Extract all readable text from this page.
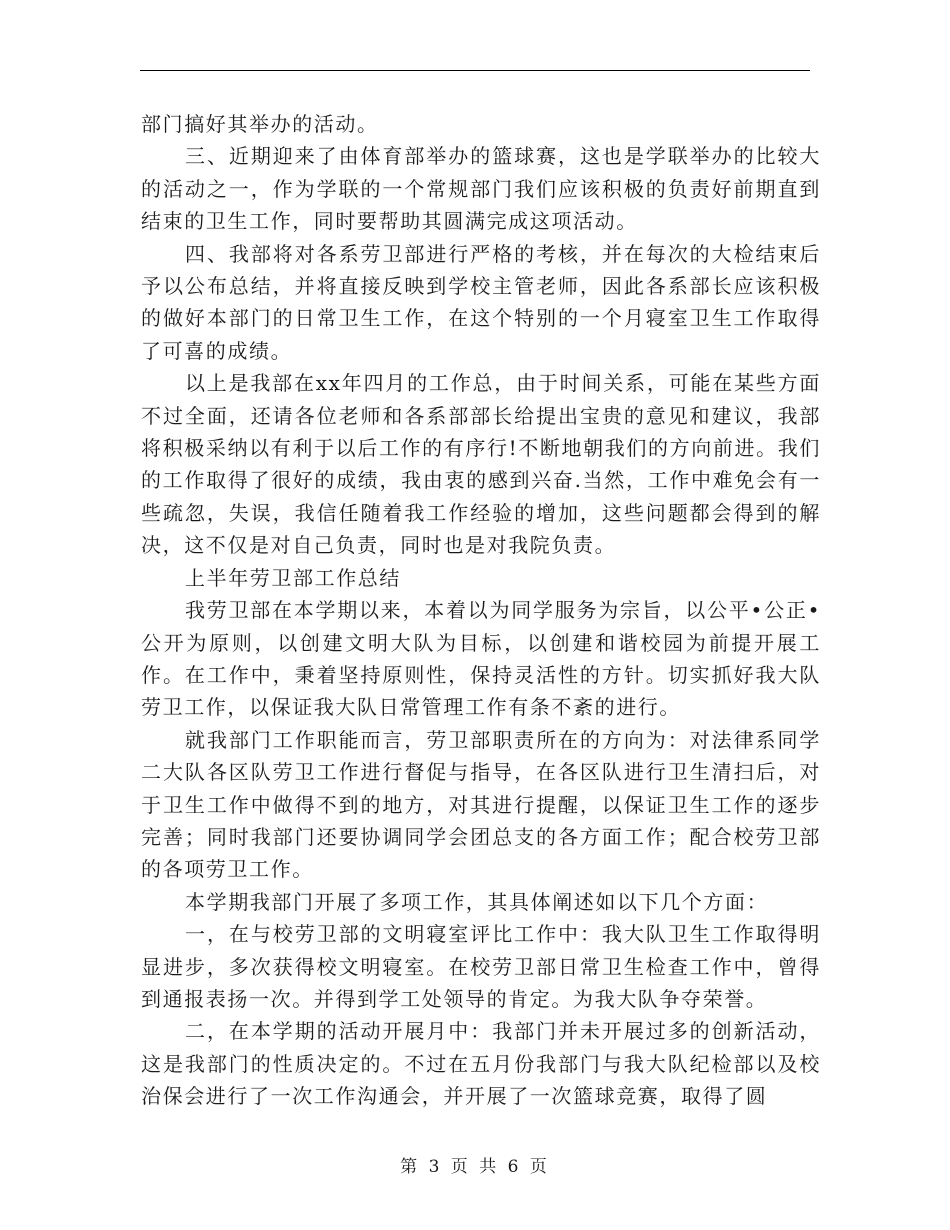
部门搞好其举办的活动。

三、近期迎来了由体育部举办的篮球赛，这也是学联举办的比较大的活动之一，作为学联的一个常规部门我们应该积极的负责好前期直到结束的卫生工作，同时要帮助其圆满完成这项活动。

四、我部将对各系劳卫部进行严格的考核，并在每次的大检结束后予以公布总结，并将直接反映到学校主管老师，因此各系部长应该积极的做好本部门的日常卫生工作，在这个特别的一个月寝室卫生工作取得了可喜的成绩。

以上是我部在xx年四月的工作总，由于时间关系，可能在某些方面不过全面，还请各位老师和各系部部长给提出宝贵的意见和建议，我部将积极采纳以有利于以后工作的有序行!不断地朝我们的方向前进。我们的工作取得了很好的成绩，我由衷的感到兴奋.当然，工作中难免会有一些疏忽，失误，我信任随着我工作经验的增加，这些问题都会得到的解决，这不仅是对自己负责，同时也是对我院负责。

上半年劳卫部工作总结

我劳卫部在本学期以来，本着以为同学服务为宗旨，以公平•公正•公开为原则，以创建文明大队为目标，以创建和谐校园为前提开展工作。在工作中，秉着坚持原则性，保持灵活性的方针。切实抓好我大队劳卫工作，以保证我大队日常管理工作有条不紊的进行。

就我部门工作职能而言，劳卫部职责所在的方向为：对法律系同学二大队各区队劳卫工作进行督促与指导，在各区队进行卫生清扫后，对于卫生工作中做得不到的地方，对其进行提醒，以保证卫生工作的逐步完善；同时我部门还要协调同学会团总支的各方面工作；配合校劳卫部的各项劳卫工作。

本学期我部门开展了多项工作，其具体阐述如以下几个方面：

一，在与校劳卫部的文明寝室评比工作中：我大队卫生工作取得明显进步，多次获得校文明寝室。在校劳卫部日常卫生检查工作中，曾得到通报表扬一次。并得到学工处领导的肯定。为我大队争夺荣誉。

二，在本学期的活动开展月中：我部门并未开展过多的创新活动，这是我部门的性质决定的。不过在五月份我部门与我大队纪检部以及校治保会进行了一次工作沟通会，并开展了一次篮球竞赛，取得了圆

第 3 页 共 6 页
